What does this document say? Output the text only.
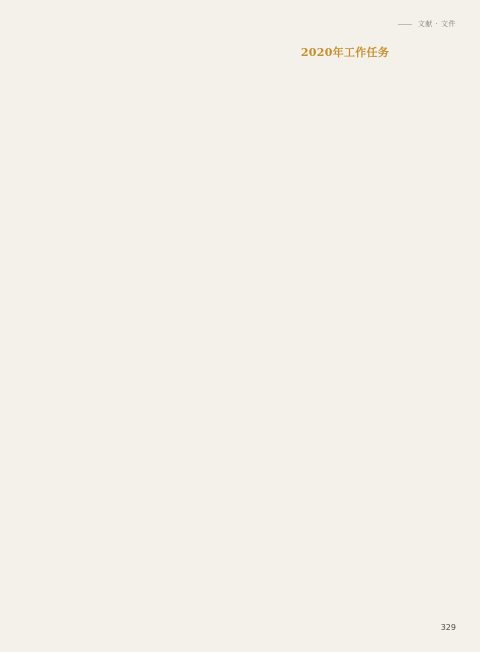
文献 · 文件

2020年工作任务

329
